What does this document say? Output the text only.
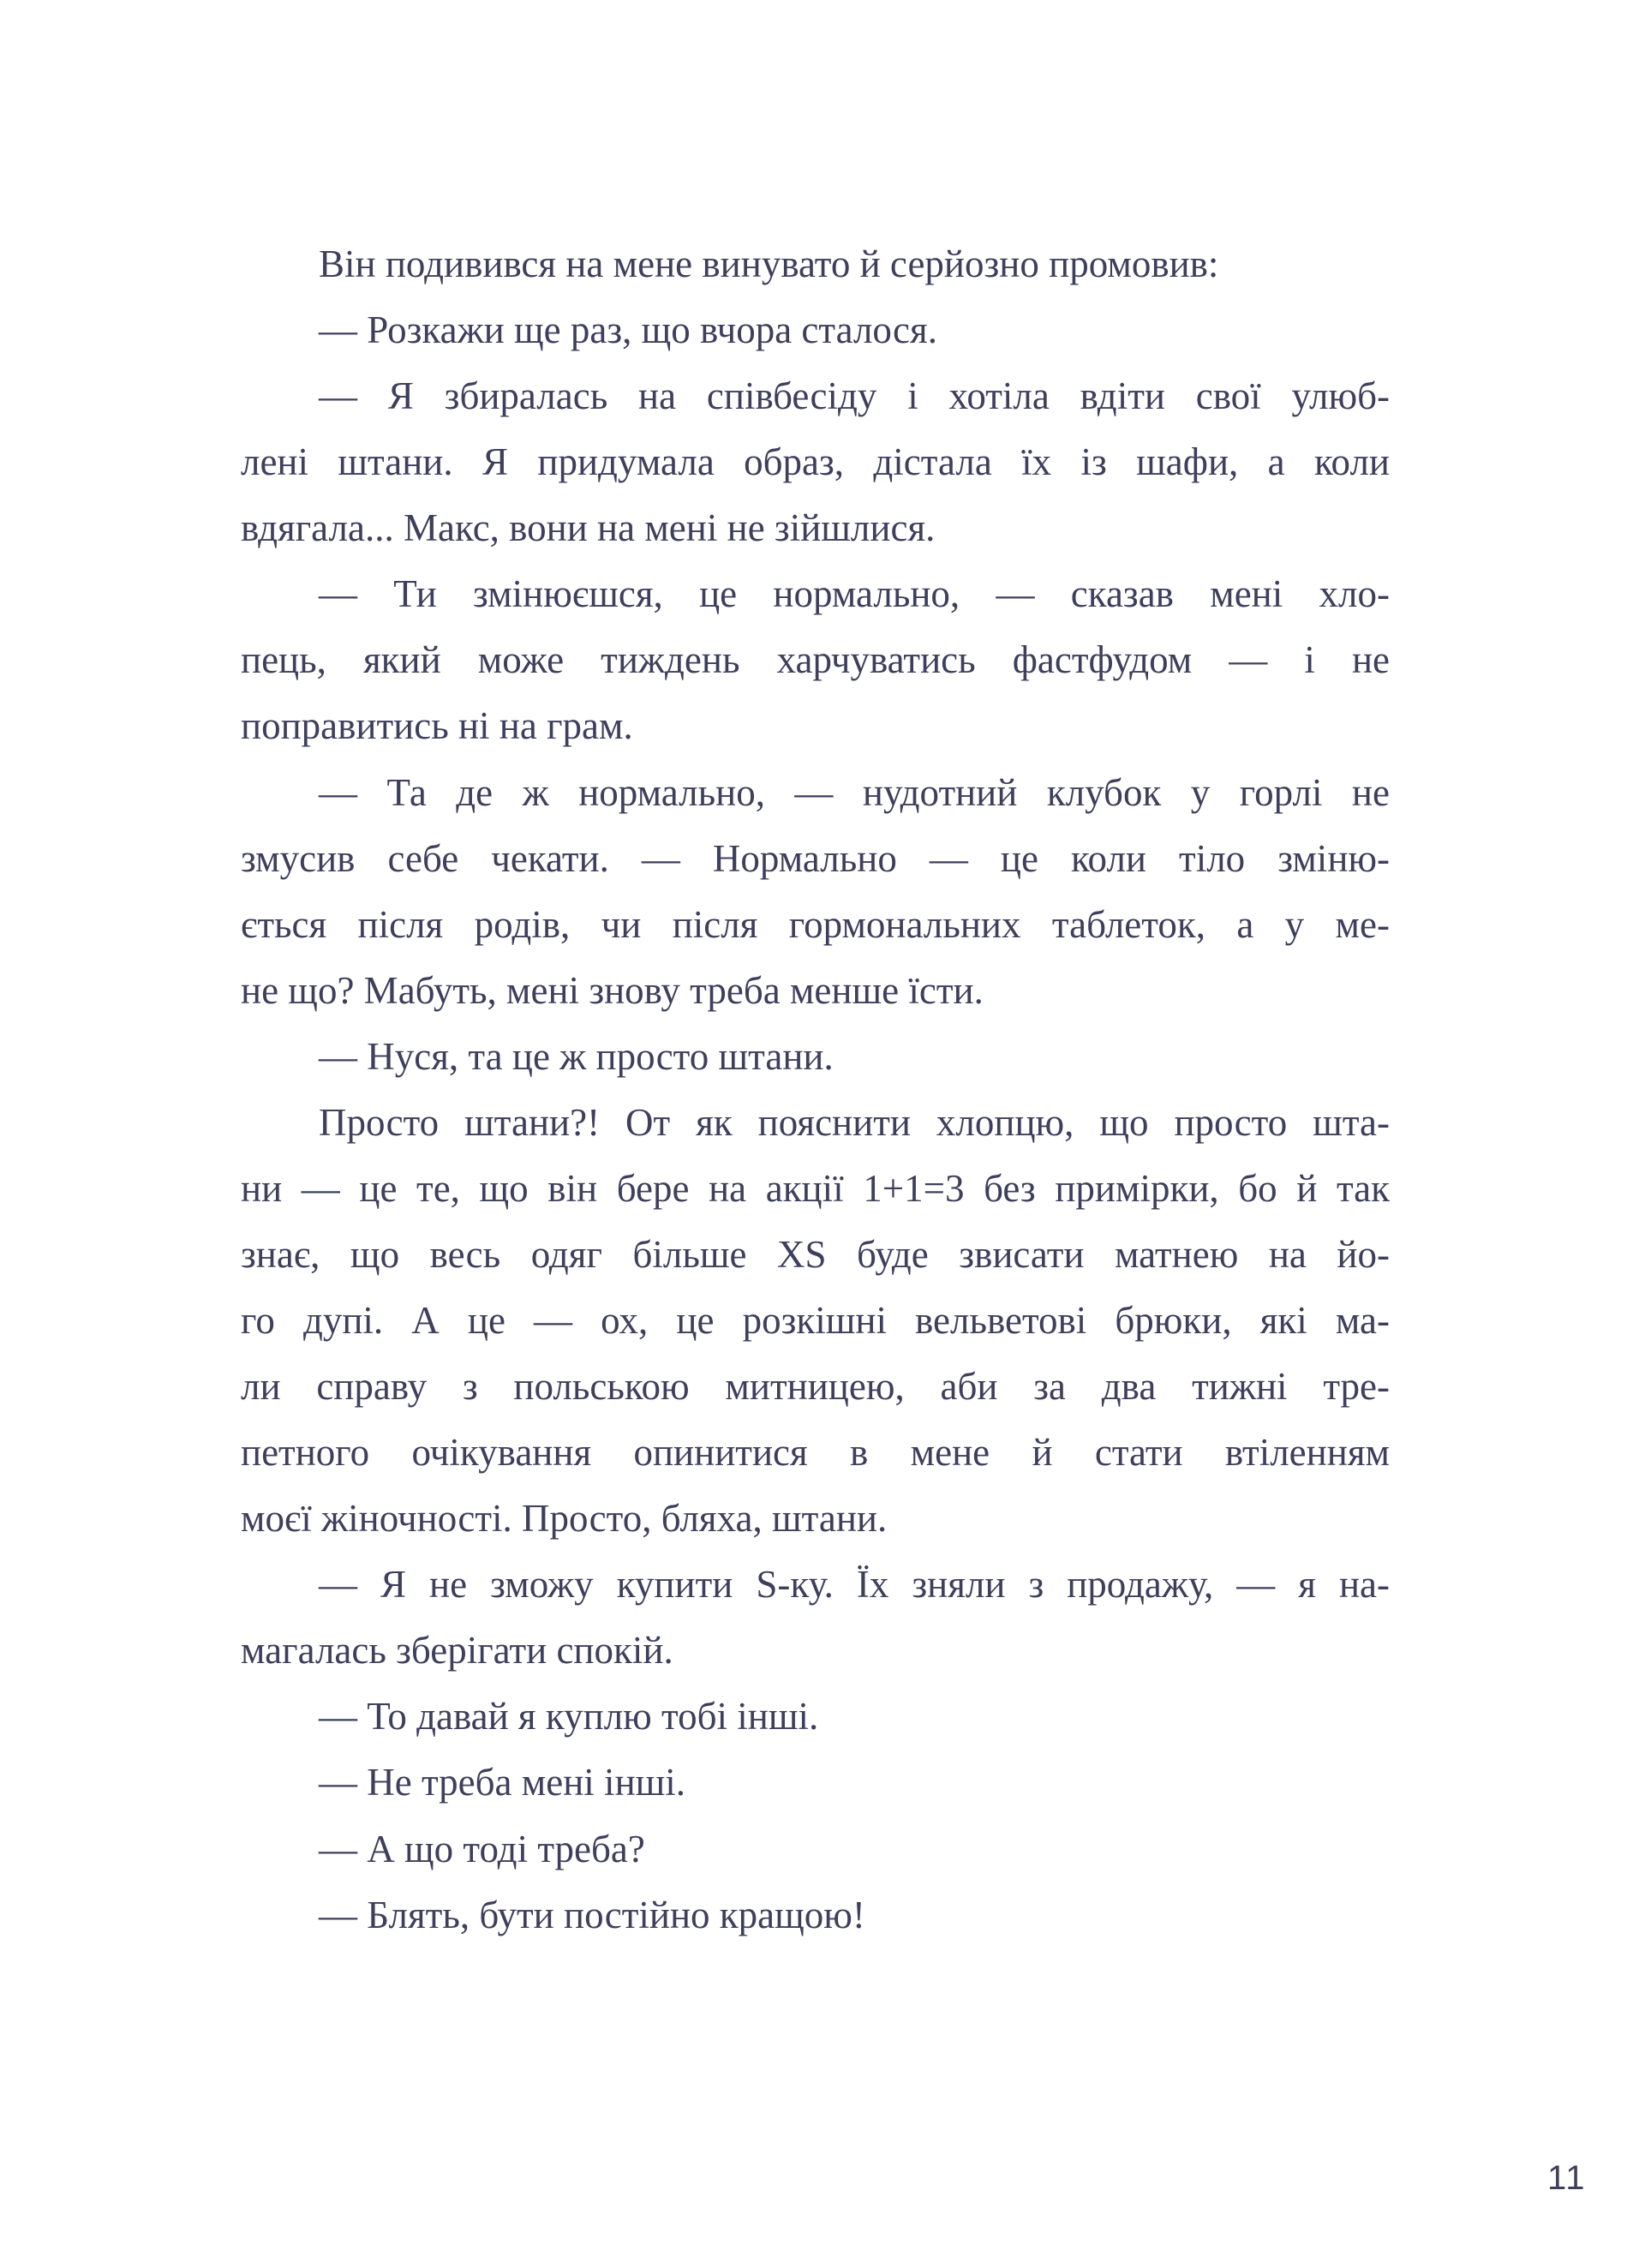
Він подивився на мене винувато й серйозно промовив:
— Розкажи ще раз, що вчора сталося.
— Я збиралась на співбесіду і хотіла вдіти свої улюб-
лені штани. Я придумала образ, дістала їх із шафи, а коли
вдягала... Макс, вони на мені не зійшлися.
— Ти змінюєшся, це нормально, — сказав мені хло-
пець, який може тиждень харчуватись фастфудом — і не
поправитись ні на грам.
— Та де ж нормально, — нудотний клубок у горлі не
змусив себе чекати. — Нормально — це коли тіло зміню-
ється після родів, чи після гормональних таблеток, а у ме-
не що? Мабуть, мені знову треба менше їсти.
— Нуся, та це ж просто штани.
Просто штани?! От як пояснити хлопцю, що просто шта-
ни — це те, що він бере на акції 1+1=3 без примірки, бо й так
знає, що весь одяг більше XS буде звисати матнею на йо-
го дупі. А це — ох, це розкішні вельветові брюки, які ма-
ли справу з польською митницею, аби за два тижні тре-
петного очікування опинитися в мене й стати втіленням
моєї жіночності. Просто, бляха, штани.
— Я не зможу купити S-ку. Їх зняли з продажу, — я на-
магалась зберігати спокій.
— То давай я куплю тобі інші.
— Не треба мені інші.
— А що тоді треба?
— Блять, бути постійно кращою!
11
